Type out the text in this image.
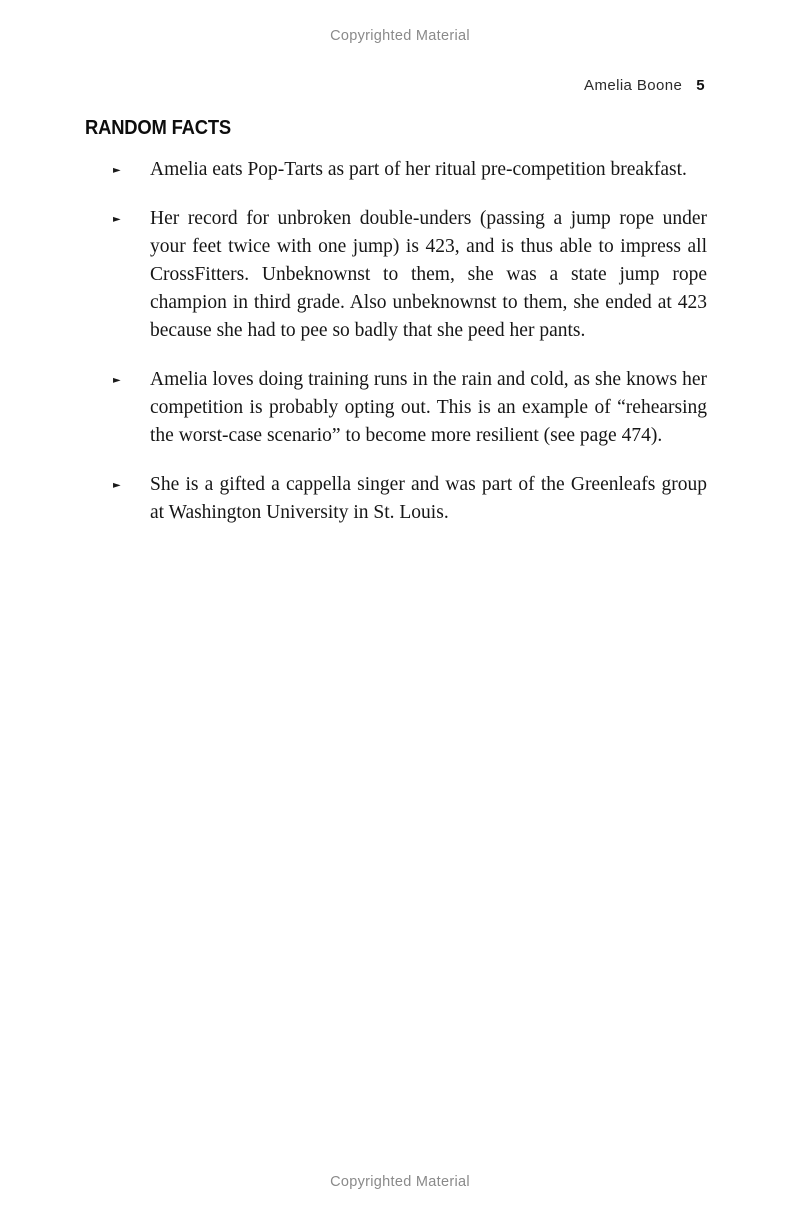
Copyrighted Material
Amelia Boone 5
RANDOM FACTS
► Amelia eats Pop-Tarts as part of her ritual pre-competition breakfast.
► Her record for unbroken double-unders (passing a jump rope under your feet twice with one jump) is 423, and is thus able to impress all CrossFitters. Unbeknownst to them, she was a state jump rope champion in third grade. Also unbeknownst to them, she ended at 423 because she had to pee so badly that she peed her pants.
► Amelia loves doing training runs in the rain and cold, as she knows her competition is probably opting out. This is an example of “rehearsing the worst-case scenario” to become more resilient (see page 474).
► She is a gifted a cappella singer and was part of the Greenleafs group at Washington University in St. Louis.
Copyrighted Material
